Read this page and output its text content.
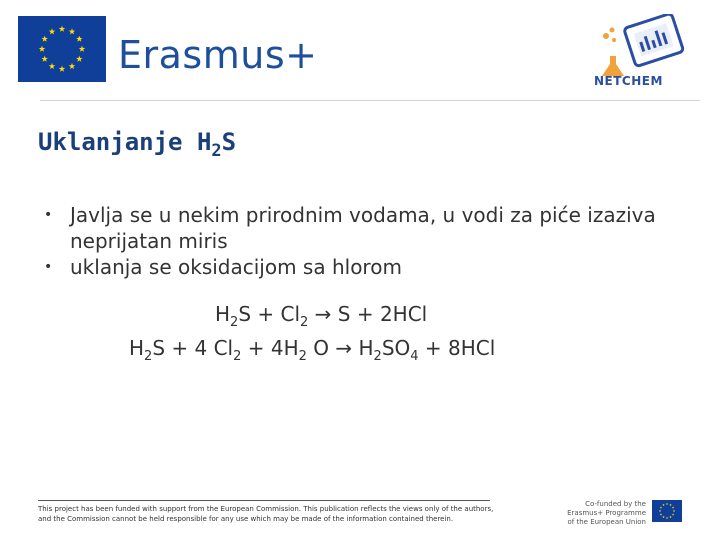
Erasmus+
NETCHEM
Uklanjanje $H_2S$
• Javlja se u nekim prirodnim vodama, u vodi za piće izaziva neprijatan miris
• uklanja se oksidacijom sa hlorom
$H_2S + Cl_2 \to S + 2HCl$
$H_2S + 4$ $Cl_2 + 4H_2$ $O \to H_2SO_4 + 8HCl$
This project has been funded with support from the European Commission. This publication reflects the views only of the authors,
and the Commission cannot be held responsible for any use which may be made of the information contained therein.
Co-funded by the
Erasmus+ Programme
of the European Union
